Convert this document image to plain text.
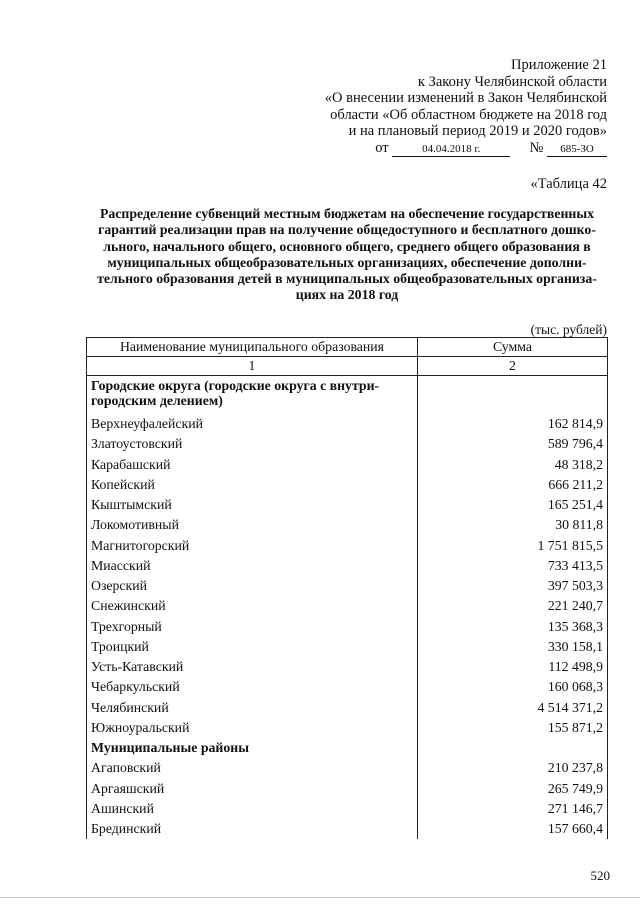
Приложение 21
к Закону Челябинской области
«О внесении изменений в Закон Челябинской
области «Об областном бюджете на 2018 год
и на плановый период 2019 и 2020 годов»
от	04.04.2018 г.	№ 685-ЗО
«Таблица 42
Распределение субвенций местным бюджетам на обеспечение государственных
гарантий реализации прав на получение общедоступного и бесплатного дошко-
льного, начального общего, основного общего, среднего общего образования в
муниципальных общеобразовательных организациях, обеспечение дополни-
тельного образования детей в муниципальных общеобразовательных организа-
циях на 2018 год
(тыс. рублей)
Наименование муниципального образования	Сумма
1	2

Городские округа (городские округа с внутри-
городским делением)	

Верхнеуфалейский	162 814,9
Златоустовский	589 796,4
Карабашский	48 318,2
Копейский	666 211,2
Кыштымский	165 251,4
Локомотивный	30 811,8
Магнитогорский	1 751 815,5
Миасский	733 413,5
Озерский	397 503,3
Снежинский	221 240,7
Трехгорный	135 368,3
Троицкий	330 158,1
Усть-Катавский	112 498,9
Чебаркульский	160 068,3
Челябинский	4 514 371,2
Южноуральский	155 871,2
Муниципальные районы	
Агаповский	210 237,8
Аргаяшский	265 749,9
Ашинский	271 146,7
Брединский	157 660,4
520
